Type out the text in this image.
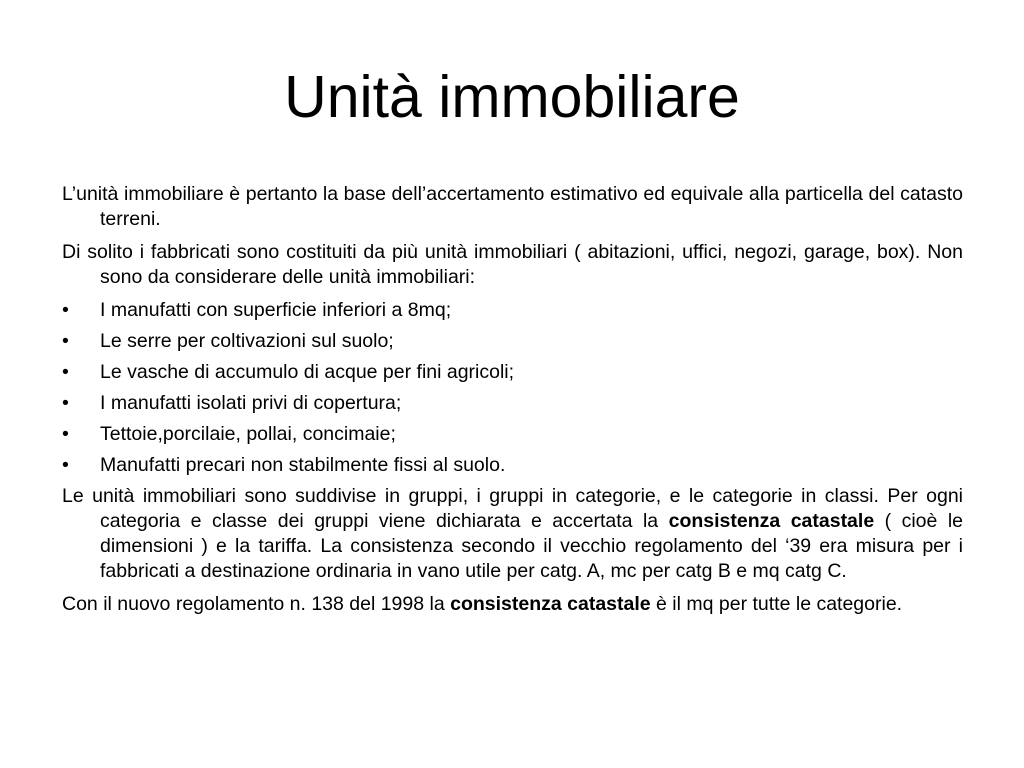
Unità immobiliare

L’unità immobiliare è pertanto la base dell’accertamento estimativo ed equivale alla particella del catasto terreni.

Di solito i fabbricati sono costituiti da più unità immobiliari ( abitazioni, uffici, negozi, garage, box). Non sono da considerare delle unità immobiliari:

• I manufatti con superficie inferiori a 8mq;
• Le serre per coltivazioni sul suolo;
• Le vasche di accumulo di acque per fini agricoli;
• I manufatti isolati privi di copertura;
• Tettoie,porcilaie, pollai, concimaie;
• Manufatti precari non stabilmente fissi al suolo.

Le unità immobiliari sono suddivise in gruppi, i gruppi in categorie, e le categorie in classi. Per ogni categoria e classe dei gruppi viene dichiarata e accertata la consistenza catastale ( cioè le dimensioni ) e la tariffa. La consistenza secondo il vecchio regolamento del ‘39 era misura per i fabbricati a destinazione ordinaria in vano utile per catg. A, mc per catg B e mq catg C.

Con il nuovo regolamento n. 138 del 1998 la consistenza catastale è il mq per tutte le categorie.
